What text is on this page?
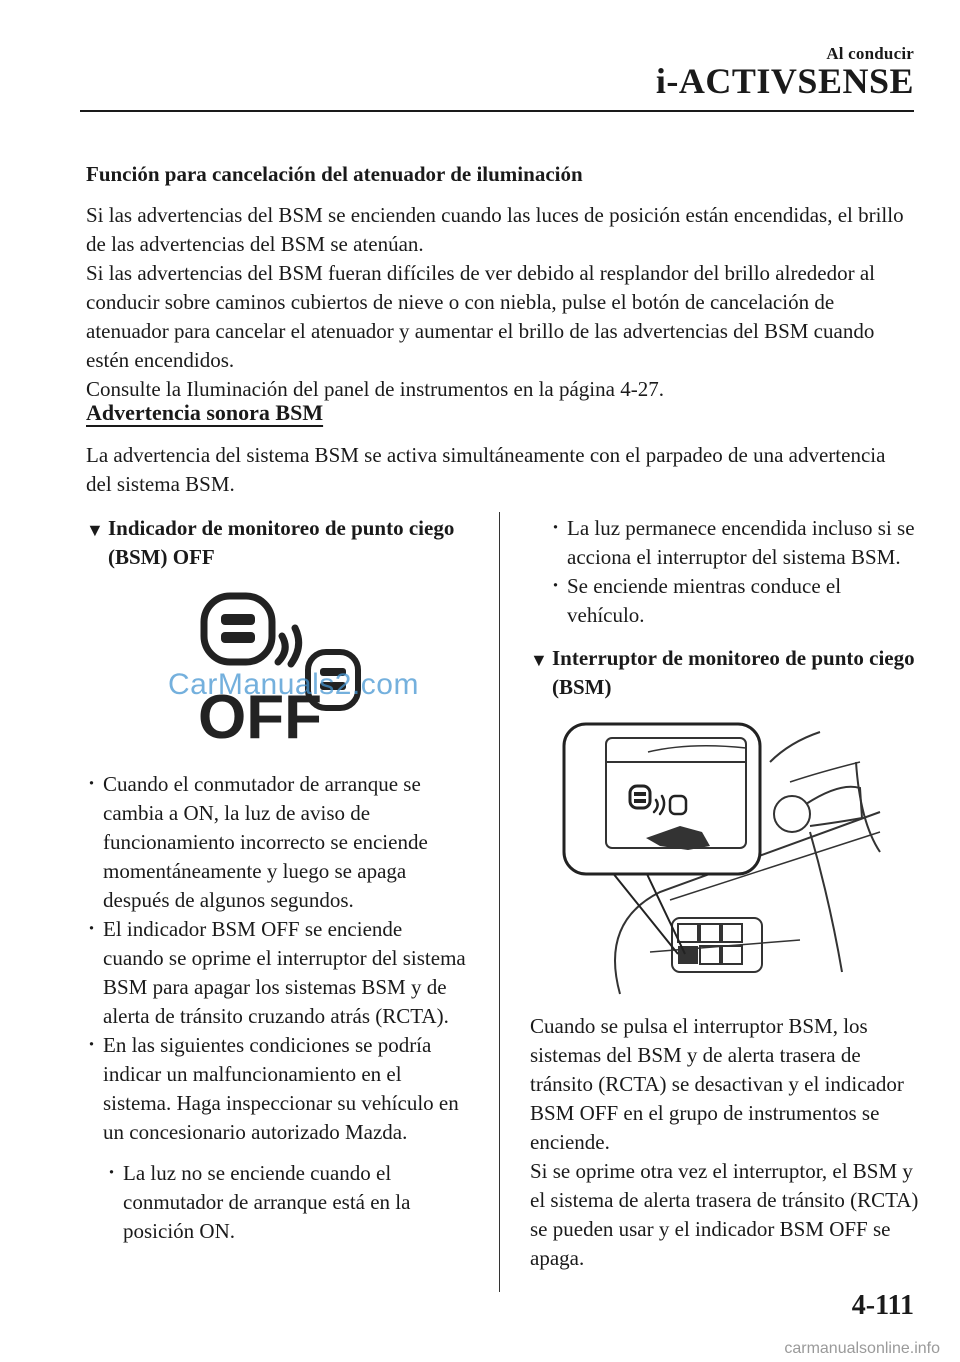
Al conducir
i-ACTIVSENSE

Función para cancelación del atenuador de iluminación

Si las advertencias del BSM se encienden cuando las luces de posición están encendidas, el brillo de las advertencias del BSM se atenúan.

Si las advertencias del BSM fueran difíciles de ver debido al resplandor del brillo alrededor al conducir sobre caminos cubiertos de nieve o con niebla, pulse el botón de cancelación de atenuador para cancelar el atenuador y aumentar el brillo de las advertencias del BSM cuando estén encendidos.

Consulte la Iluminación del panel de instrumentos en la página 4-27.

Advertencia sonora BSM

La advertencia del sistema BSM se activa simultáneamente con el parpadeo de una advertencia del sistema BSM.

▼ Indicador de monitoreo de punto ciego (BSM) OFF

OFF
CarManuals2.com
· Cuando el conmutador de arranque se cambia a ON, la luz de aviso de funcionamiento incorrecto se enciende momentáneamente y luego se apaga después de algunos segundos.
· El indicador BSM OFF se enciende cuando se oprime el interruptor del sistema BSM para apagar los sistemas BSM y de alerta de tránsito cruzando atrás (RCTA).
· En las siguientes condiciones se podría indicar un malfuncionamiento en el sistema. Haga inspeccionar su vehículo en un concesionario autorizado Mazda.
· La luz no se enciende cuando el conmutador de arranque está en la posición ON.
· La luz permanece encendida incluso si se acciona el interruptor del sistema BSM.
· Se enciende mientras conduce el vehículo.

▼ Interruptor de monitoreo de punto ciego (BSM)

Cuando se pulsa el interruptor BSM, los sistemas del BSM y de alerta trasera de tránsito (RCTA) se desactivan y el indicador BSM OFF en el grupo de instrumentos se enciende.

Si se oprime otra vez el interruptor, el BSM y el sistema de alerta trasera de tránsito (RCTA) se pueden usar y el indicador BSM OFF se apaga.

4-111
carmanualsonline.info
